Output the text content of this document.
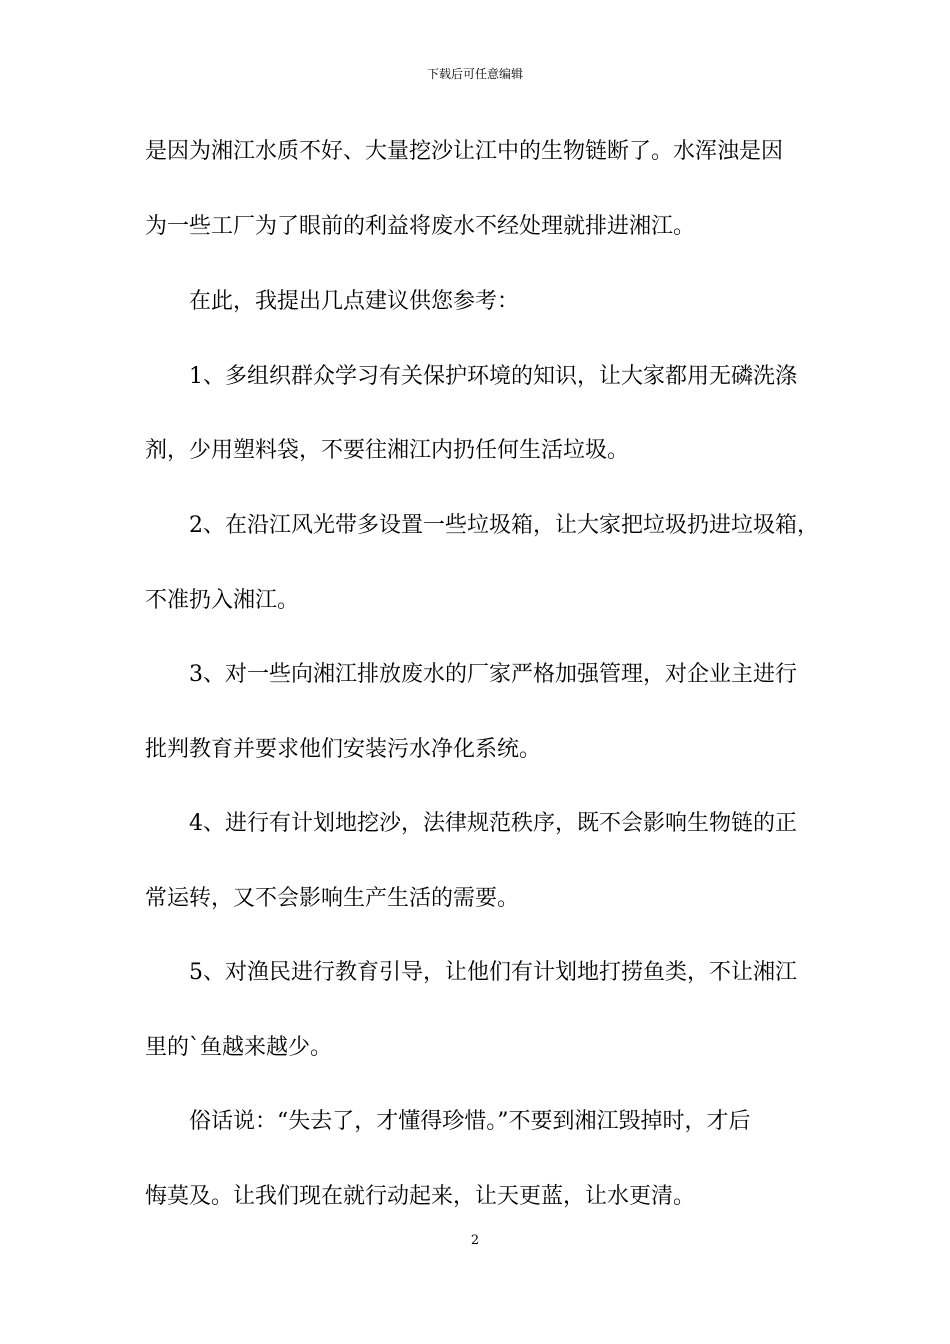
下载后可任意编辑
是因为湘江水质不好、大量挖沙让江中的生物链断了。水浑浊是因
为一些工厂为了眼前的利益将废水不经处理就排进湘江。
在此，我提出几点建议供您参考：
1、多组织群众学习有关保护环境的知识，让大家都用无磷洗涤
剂，少用塑料袋，不要往湘江内扔任何生活垃圾。
2、在沿江风光带多设置一些垃圾箱，让大家把垃圾扔进垃圾箱，
不准扔入湘江。
3、对一些向湘江排放废水的厂家严格加强管理，对企业主进行
批判教育并要求他们安装污水净化系统。
4、进行有计划地挖沙，法律规范秩序，既不会影响生物链的正
常运转，又不会影响生产生活的需要。
5、对渔民进行教育引导，让他们有计划地打捞鱼类，不让湘江
里的`鱼越来越少。
俗话说：“失去了，才懂得珍惜。”不要到湘江毁掉时，才后
悔莫及。让我们现在就行动起来，让天更蓝，让水更清。
2
